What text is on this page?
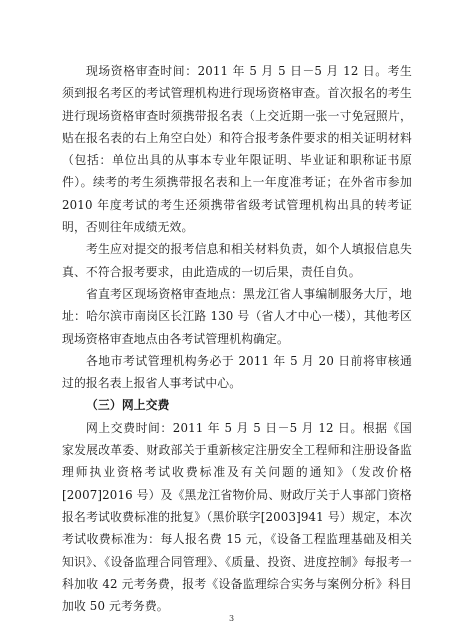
现场资格审查时间：2011 年 5 月 5 日－5 月 12 日。考生须到报名考区的考试管理机构进行现场资格审查。首次报名的考生进行现场资格审查时须携带报名表（上交近期一张一寸免冠照片，贴在报名表的右上角空白处）和符合报考条件要求的相关证明材料（包括：单位出具的从事本专业年限证明、毕业证和职称证书原件）。续考的考生须携带报名表和上一年度准考证；在外省市参加 2010 年度考试的考生还须携带省级考试管理机构出具的转考证明，否则往年成绩无效。

考生应对提交的报考信息和相关材料负责，如个人填报信息失真、不符合报考要求，由此造成的一切后果，责任自负。

省直考区现场资格审查地点：黑龙江省人事编制服务大厅，地址：哈尔滨市南岗区长江路 130 号（省人才中心一楼），其他考区现场资格审查地点由各考试管理机构确定。

各地市考试管理机构务必于 2011 年 5 月 20 日前将审核通过的报名表上报省人事考试中心。

（三）网上交费

网上交费时间：2011 年 5 月 5 日－5 月 12 日。根据《国家发展改革委、财政部关于重新核定注册安全工程师和注册设备监理师执业资格考试收费标准及有关问题的通知》（发改价格[2007]2016 号）及《黑龙江省物价局、财政厅关于人事部门资格报名考试收费标准的批复》（黑价联字[2003]941 号）规定，本次考试收费标准为：每人报名费 15 元，《设备工程监理基础及相关知识》、《设备监理合同管理》、《质量、投资、进度控制》每报考一科加收 42 元考务费，报考《设备监理综合实务与案例分析》科目加收 50 元考务费。

3
